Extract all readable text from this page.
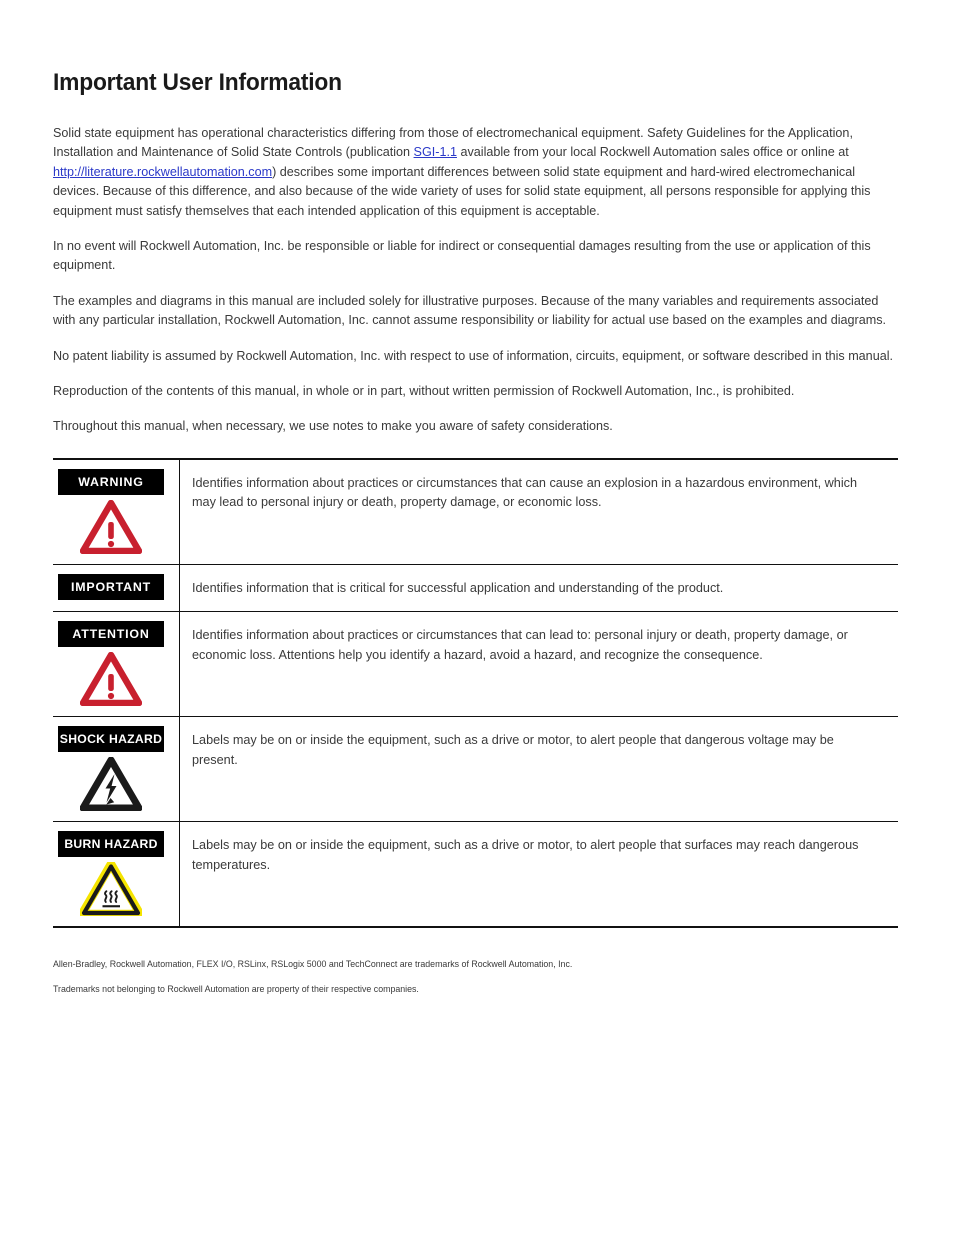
Important User Information

Solid state equipment has operational characteristics differing from those of electromechanical equipment. Safety Guidelines for the Application, Installation and Maintenance of Solid State Controls (publication SGI-1.1 available from your local Rockwell Automation sales office or online at http://literature.rockwellautomation.com) describes some important differences between solid state equipment and hard-wired electromechanical devices. Because of this difference, and also because of the wide variety of uses for solid state equipment, all persons responsible for applying this equipment must satisfy themselves that each intended application of this equipment is acceptable.

In no event will Rockwell Automation, Inc. be responsible or liable for indirect or consequential damages resulting from the use or application of this equipment.

The examples and diagrams in this manual are included solely for illustrative purposes. Because of the many variables and requirements associated with any particular installation, Rockwell Automation, Inc. cannot assume responsibility or liability for actual use based on the examples and diagrams.

No patent liability is assumed by Rockwell Automation, Inc. with respect to use of information, circuits, equipment, or software described in this manual.

Reproduction of the contents of this manual, in whole or in part, without written permission of Rockwell Automation, Inc., is prohibited.

Throughout this manual, when necessary, we use notes to make you aware of safety considerations.

WARNING	Identifies information about practices or circumstances that can cause an explosion in a hazardous environment, which may lead to personal injury or death, property damage, or economic loss.

IMPORTANT	Identifies information that is critical for successful application and understanding of the product.

ATTENTION	Identifies information about practices or circumstances that can lead to: personal injury or death, property damage, or economic loss. Attentions help you identify a hazard, avoid a hazard, and recognize the consequence.

SHOCK HAZARD	Labels may be on or inside the equipment, such as a drive or motor, to alert people that dangerous voltage may be present.

BURN HAZARD	Labels may be on or inside the equipment, such as a drive or motor, to alert people that surfaces may reach dangerous temperatures.

Allen-Bradley, Rockwell Automation, FLEX I/O, RSLinx, RSLogix 5000 and TechConnect are trademarks of Rockwell Automation, Inc.

Trademarks not belonging to Rockwell Automation are property of their respective companies.
